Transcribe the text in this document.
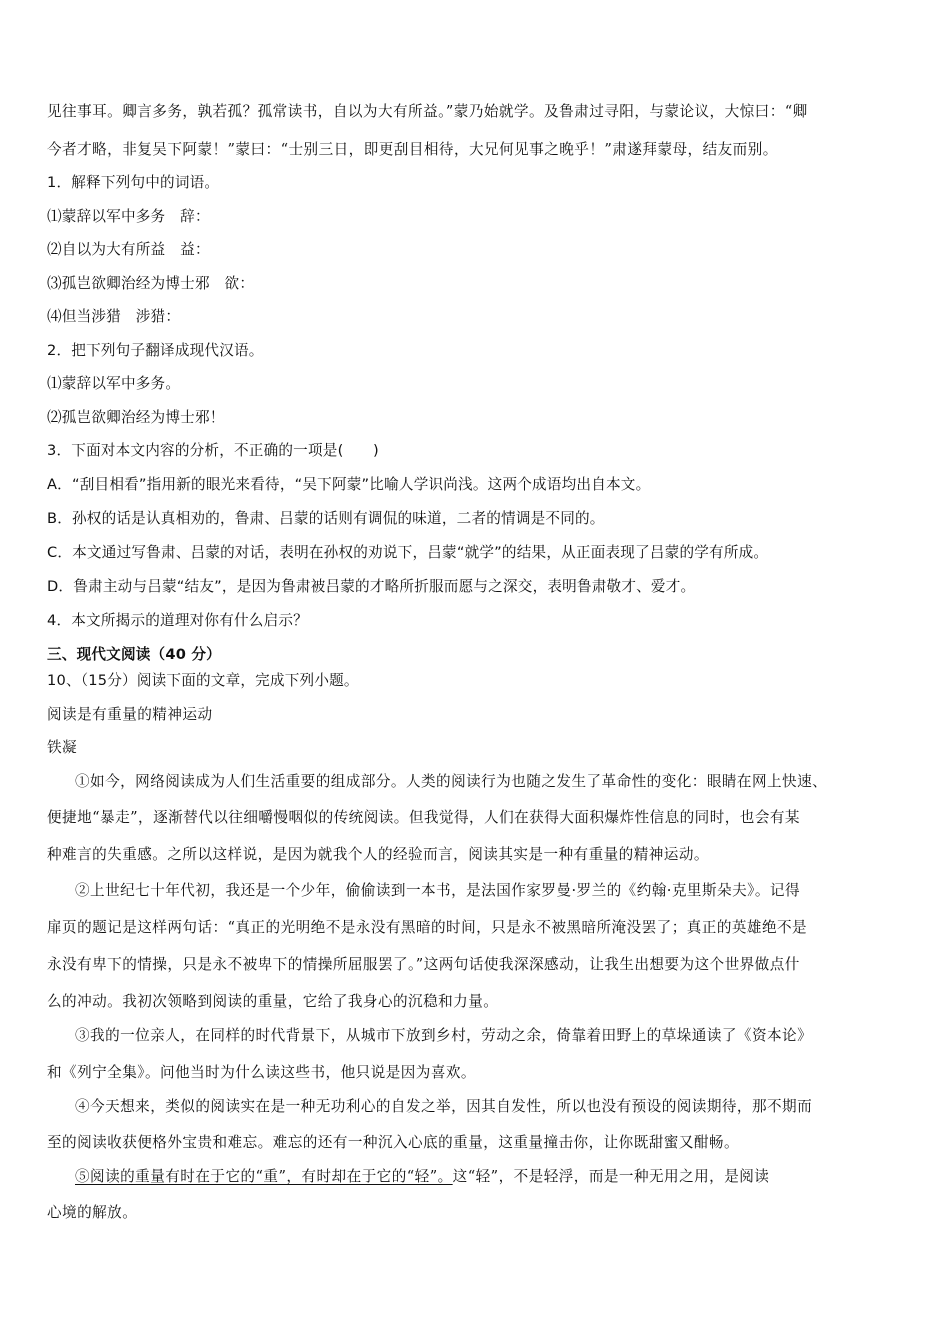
见往事耳。卿言多务，孰若孤？孤常读书，自以为大有所益。”蒙乃始就学。及鲁肃过寻阳，与蒙论议，大惊曰：“卿
今者才略，非复吴下阿蒙！”蒙曰：“士别三日，即更刮目相待，大兄何见事之晚乎！”肃遂拜蒙母，结友而别。
1．解释下列句中的词语。
⑴蒙辞以军中多务　辞：
⑵自以为大有所益　益：
⑶孤岂欲卿治经为博士邪　欲：
⑷但当涉猎　涉猎：
2．把下列句子翻译成现代汉语。
⑴蒙辞以军中多务。
⑵孤岂欲卿治经为博士邪！
3．下面对本文内容的分析，不正确的一项是(　　)
A．“刮目相看”指用新的眼光来看待，“吴下阿蒙”比喻人学识尚浅。这两个成语均出自本文。
B．孙权的话是认真相劝的，鲁肃、吕蒙的话则有调侃的味道，二者的情调是不同的。
C．本文通过写鲁肃、吕蒙的对话，表明在孙权的劝说下，吕蒙“就学”的结果，从正面表现了吕蒙的学有所成。
D．鲁肃主动与吕蒙“结友”，是因为鲁肃被吕蒙的才略所折服而愿与之深交，表明鲁肃敬才、爱才。
4．本文所揭示的道理对你有什么启示？
三、现代文阅读（40 分）
10、（15分）阅读下面的文章，完成下列小题。
阅读是有重量的精神运动
铁凝
①如今，网络阅读成为人们生活重要的组成部分。人类的阅读行为也随之发生了革命性的变化：眼睛在网上快速、
便捷地“暴走”，逐渐替代以往细嚼慢咽似的传统阅读。但我觉得，人们在获得大面积爆炸性信息的同时，也会有某
种难言的失重感。之所以这样说，是因为就我个人的经验而言，阅读其实是一种有重量的精神运动。
②上世纪七十年代初，我还是一个少年，偷偷读到一本书，是法国作家罗曼·罗兰的《约翰·克里斯朵夫》。记得
扉页的题记是这样两句话：“真正的光明绝不是永没有黑暗的时间，只是永不被黑暗所淹没罢了；真正的英雄绝不是
永没有卑下的情操，只是永不被卑下的情操所屈服罢了。”这两句话使我深深感动，让我生出想要为这个世界做点什
么的冲动。我初次领略到阅读的重量，它给了我身心的沉稳和力量。
③我的一位亲人，在同样的时代背景下，从城市下放到乡村，劳动之余，倚靠着田野上的草垛通读了《资本论》
和《列宁全集》。问他当时为什么读这些书，他只说是因为喜欢。
④今天想来，类似的阅读实在是一种无功利心的自发之举，因其自发性，所以也没有预设的阅读期待，那不期而
至的阅读收获便格外宝贵和难忘。难忘的还有一种沉入心底的重量，这重量撞击你，让你既甜蜜又酣畅。
⑤阅读的重量有时在于它的“重”，有时却在于它的“轻”。这“轻”，不是轻浮，而是一种无用之用，是阅读
心境的解放。
